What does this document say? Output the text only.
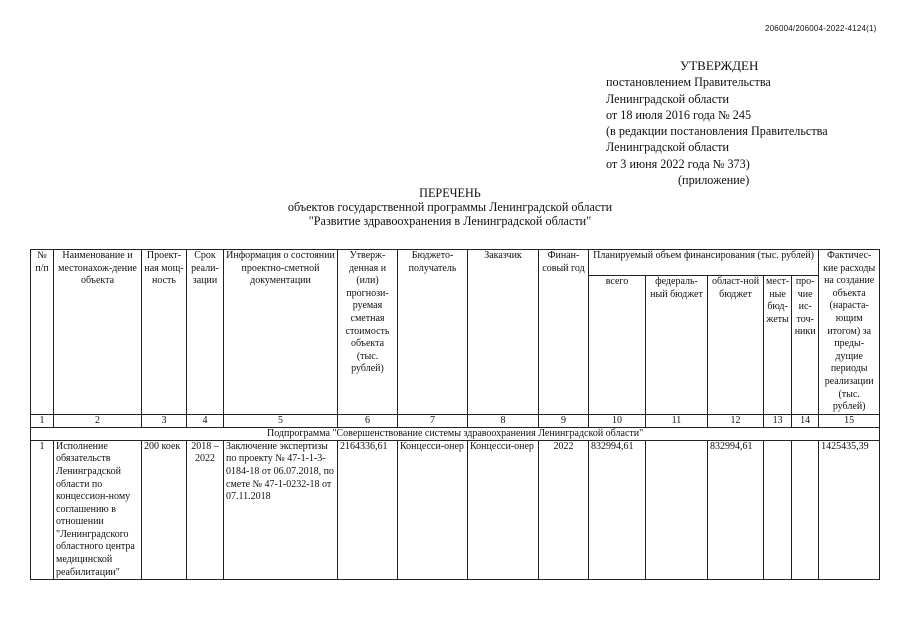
206004/206004-2022-4124(1)
УТВЕРЖДЕН
постановлением Правительства
Ленинградской области
от 18 июля 2016 года № 245
(в редакции постановления Правительства
Ленинградской области
от 3 июня 2022 года № 373)
(приложение)
ПЕРЕЧЕНЬ
объектов государственной программы Ленинградской области
"Развитие здравоохранения в Ленинградской области"
№ п/п	Наименование и местонахож-дение объекта	Проект-ная мощ-ность	Срок реали-зации	Информация о состоянии проектно-сметной документации	Утверж-денная и (или) прогнози-руемая сметная стоимость объекта (тыс. рублей)	Бюджето-получатель	Заказчик	Финан-совый год	Планируемый объем финансирования (тыс. рублей)					Фактичес-кие расходы на создание объекта (нараста-ющим итогом) за преды-дущие периоды реализации (тыс. рублей)
									всего	федераль-ный бюджет	област-ной бюджет	мест-ные бюд-жеты	про-чие ис-точ-ники	
1	2	3	4	5	6	7	8	9	10	11	12	13	14	15
Подпрограмма "Совершенствование системы здравоохранения Ленинградской области"														
1	Исполнение обязательств Ленинградской области по концессион-ному соглашению в отношении "Ленинградского областного центра медицинской реабилитации"	200 коек	2018 – 2022	Заключение экспертизы по проекту № 47-1-1-3-0184-18 от 06.07.2018, по смете № 47-1-0232-18 от 07.11.2018	2164336,61	Концесси-онер	Концесси-онер	2022	832994,61		832994,61			1425435,39
